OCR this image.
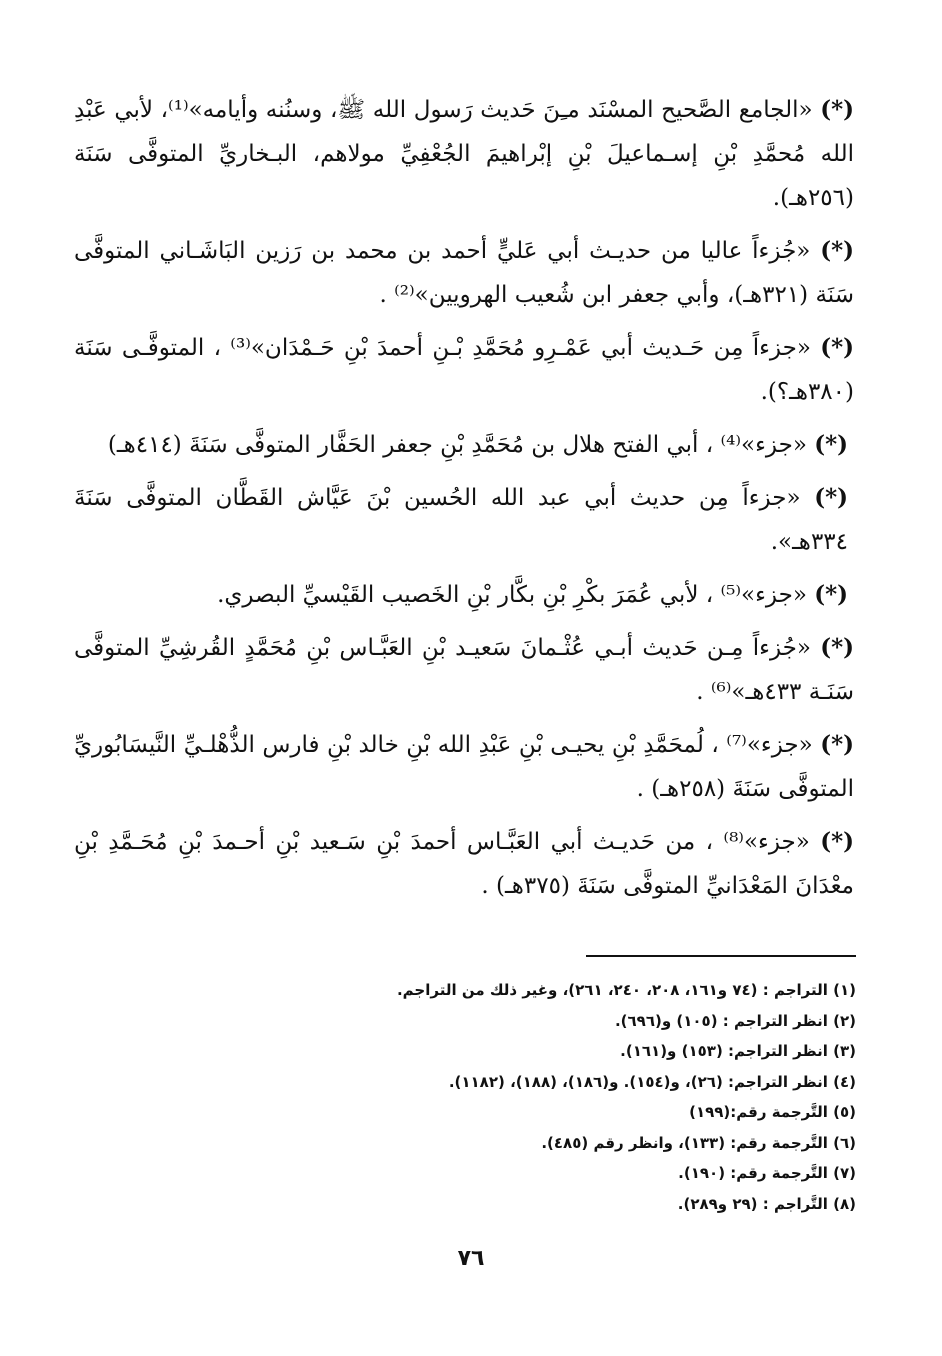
(*) «الجامع الصَّحيح المسْنَد مـِنَ حَديث رَسول الله ﷺ، وسنُنه وأيامه»⁽¹⁾، لأبي عَبْدِ الله مُحمَّدِ بْنِ إسـماعيلَ بْنِ إبْراهيمَ الجُعْفِيِّ مولاهم، البـخاريِّ المتوفَّى سَنَة (٢٥٦هـ).
(*) «جُزءاً عاليا من حديـث أبي عَليٍّ أحمد بن محمد بن رَزين البَاشَـاني المتوفَّى سَنَة (٣٢١هـ)، وأبي جعفر ابن شُعيب الهرويين»⁽²⁾ .
(*) «جزءاً مِن حَـديث أبي عَمْـرِو مُحَمَّدِ بْـنِ أحمدَ بْنِ حَـمْدَان»⁽³⁾ ، المتوفَّـى سَنَة (٣٨٠هـ؟).
(*) «جزء»⁽⁴⁾ ، أبي الفتح هلال بن مُحَمَّدِ بْنِ جعفر الحَفَّار المتوفَّى سَنَةَ (٤١٤هـ)
(*) «جزءاً مِن حديث أبي عبد الله الحُسين بْنَ عَيَّاش القَطَّان المتوفَّى سَنَةَ ٣٣٤هـ».
(*) «جزء»⁽⁵⁾ ، لأبي عُمَرَ بكْرِ بْنِ بكَّار بْنِ الخَصيب القَيْسيِّ البصري.
(*) «جُزءاً مِـن حَديث أبـي عُثْـمانَ سَعيـد بْنِ العَبَّـاس بْنِ مُحَمَّدٍ القُرشِيِّ المتوفَّى سَنَـة ٤٣٣هـ»⁽⁶⁾ .
(*) «جزء»⁽⁷⁾ ، لُمحَمَّدِ بْنِ يحيـى بْنِ عَبْدِ الله بْنِ خالد بْنِ فارس الذُّهْلـيِّ النَّيسَابُوريِّ المتوفَّى سَنَةَ (٢٥٨هـ) .
(*) «جزء»⁽⁸⁾ ، من حَديـث أبي العَبَّـاس أحمدَ بْنِ سَـعيد بْنِ أحـمدَ بْنِ مُحَـمَّدِ بْنِ معْدَانَ المَعْدَانيِّ المتوفَّى سَنَةَ (٣٧٥هـ) .
(١) التراجم : (٧٤ و١٦١، ٢٠٨، ٢٤٠، ٢٦١)، وغير ذلك من التراجم.
(٢) انظر التراجم : (١٠٥) و(٦٩٦).
(٣) انظر التراجم: (١٥٣) و(١٦١).
(٤) انظر التراجم: (٢٦)، و(١٥٤). و(١٨٦)، (١٨٨)، (١١٨٢).
(٥) التَّرجمة رقم:(١٩٩)
(٦) التَّرجمة رقم: (١٣٣)، وانظر رقم (٤٨٥).
(٧) التَّرجمة رقم: (١٩٠).
(٨) التَّراجم : (٢٩ و٢٨٩).
٧٦
